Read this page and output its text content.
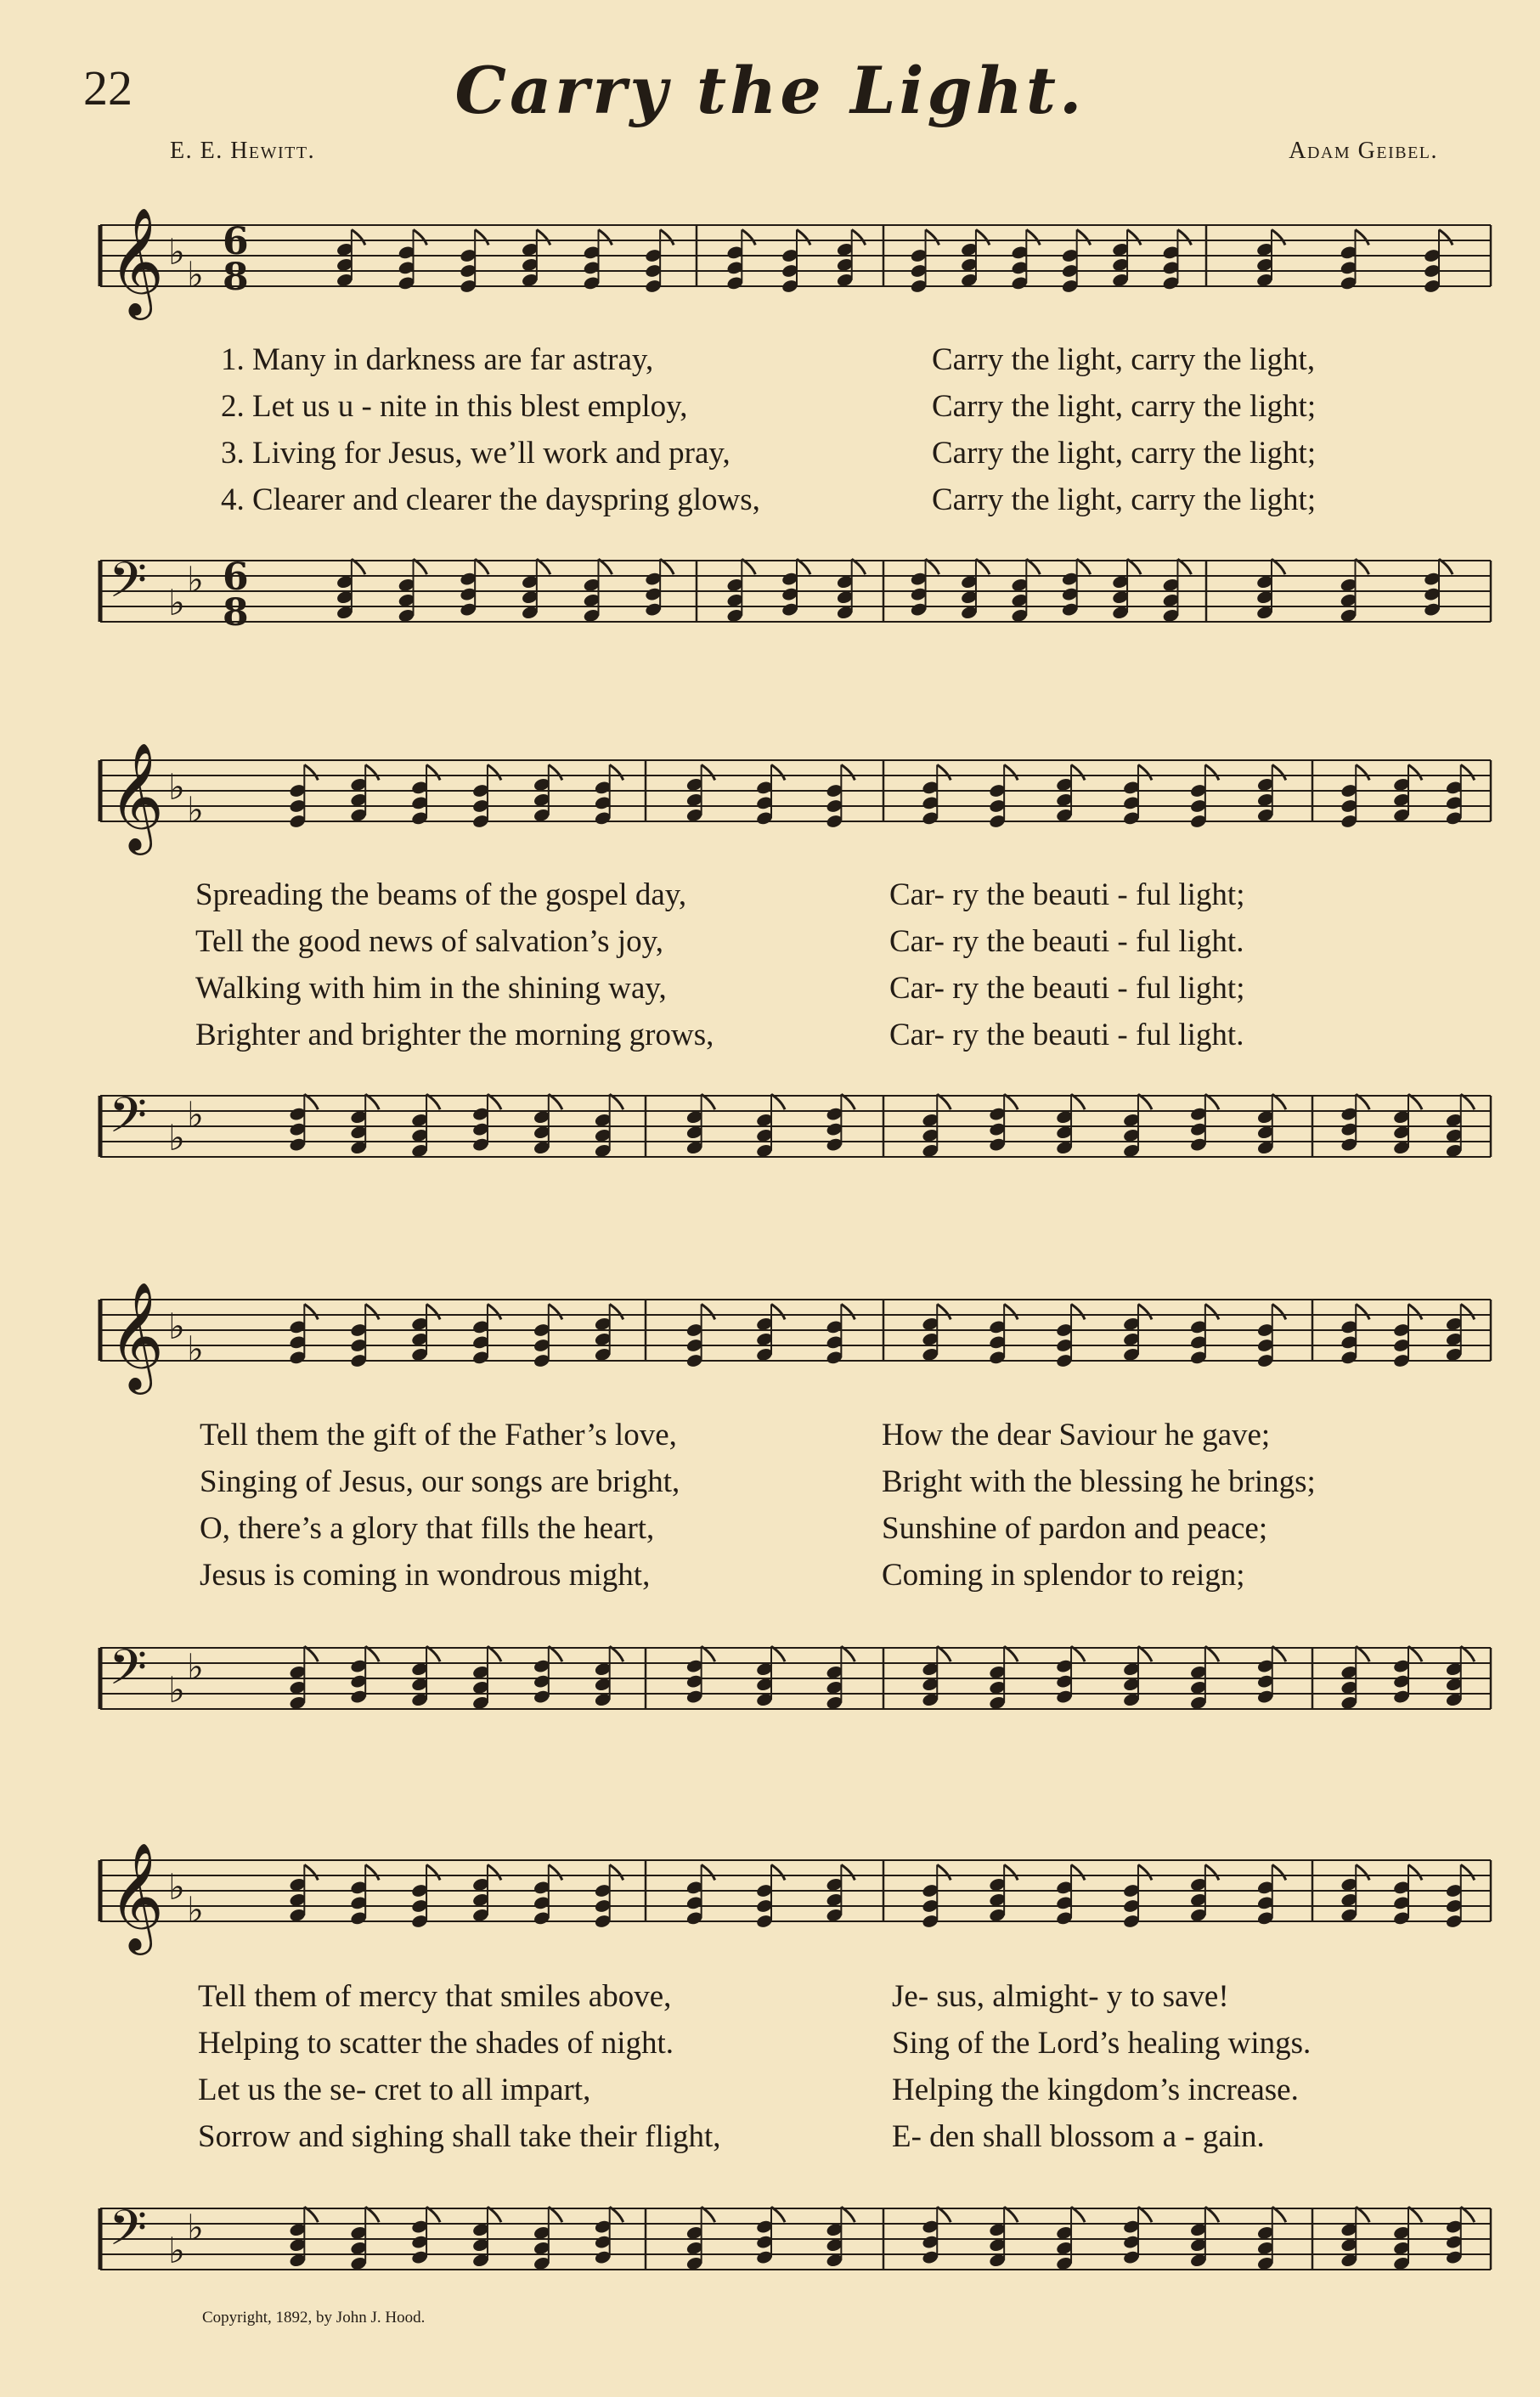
22	Carry the Light.
E. E. Hewitt.	Adam Geibel.
𝄞 ♭
♭
6
8
1. Many in darkness are far astray,
2. Let us u - nite in this blest employ,
3. Living for Jesus, we’ll work and pray,
4. Clearer and clearer the dayspring glows,
Carry the light, carry the light,
Carry the light, carry the light;
Carry the light, carry the light;
Carry the light, carry the light;
𝄢 ♭
♭ 6
8
𝄞 ♭
♭
Spreading the beams of the gospel day,
Tell the good news of salvation’s joy,
Walking with him in the shining way,
Brighter and brighter the morning grows,
Car- ry the beauti - ful light;
Car- ry the beauti - ful light.
Car- ry the beauti - ful light;
Car- ry the beauti - ful light.
𝄢 ♭
♭
𝄞 ♭
♭
Tell them the gift of the Father’s love,
Singing of Jesus, our songs are bright,
O, there’s a glory that fills the heart,
Jesus is coming in wondrous might,
How the dear Saviour he gave;
Bright with the blessing he brings;
Sunshine of pardon and peace;
Coming in splendor to reign;
𝄢 ♭
♭
𝄞 ♭
♭
Tell them of mercy that smiles above,
Helping to scatter the shades of night.
Let us the se- cret to all impart,
Sorrow and sighing shall take their flight,
Je- sus, almight- y to save!
Sing of the Lord’s healing wings.
Helping the kingdom’s increase.
E- den shall blossom a - gain.
𝄢 ♭
♭
Copyright, 1892, by John J. Hood.
